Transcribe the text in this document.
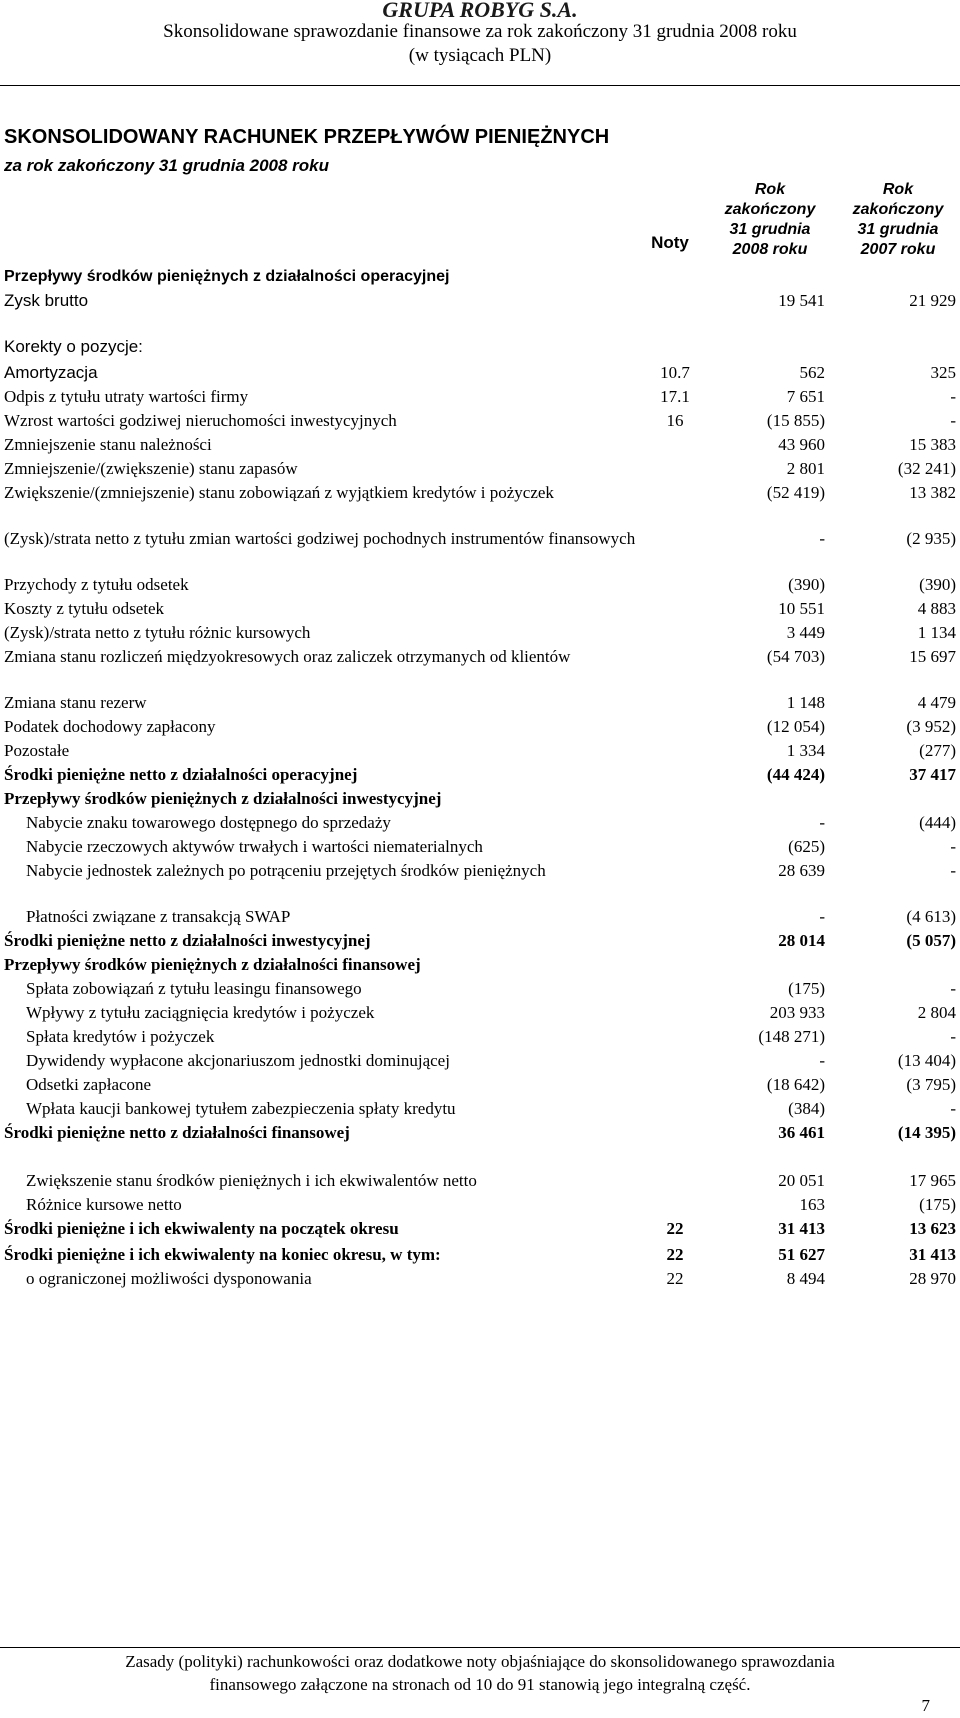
GRUPA ROBYG S.A.
Skonsolidowane sprawozdanie finansowe za rok zakończony 31 grudnia 2008 roku
(w tysiącach PLN)
SKONSOLIDOWANY RACHUNEK PRZEPŁYWÓW PIENIĘŻNYCH
za rok zakończony 31 grudnia 2008 roku
Noty
Rok
zakończony
31 grudnia
2008 roku
Rok
zakończony
31 grudnia
2007 roku
Przepływy środków pieniężnych z działalności operacyjnej
Zysk brutto	19 541	21 929
Korekty o pozycje:
Amortyzacja	10.7	562	325
Odpis z tytułu utraty wartości firmy	17.1	7 651	-
Wzrost wartości godziwej nieruchomości inwestycyjnych	16	(15 855)	-
Zmniejszenie stanu należności	43 960	15 383
Zmniejszenie/(zwiększenie) stanu zapasów	2 801	(32 241)
Zwiększenie/(zmniejszenie) stanu zobowiązań z wyjątkiem kredytów i pożyczek	(52 419)	13 382
(Zysk)/strata netto z tytułu zmian wartości godziwej pochodnych instrumentów finansowych	-	(2 935)
Przychody z tytułu odsetek	(390)	(390)
Koszty z tytułu odsetek	10 551	4 883
(Zysk)/strata netto z tytułu różnic kursowych	3 449	1 134
Zmiana stanu rozliczeń międzyokresowych oraz zaliczek otrzymanych od klientów	(54 703)	15 697
Zmiana stanu rezerw	1 148	4 479
Podatek dochodowy zapłacony	(12 054)	(3 952)
Pozostałe	1 334	(277)
Środki pieniężne netto z działalności operacyjnej	(44 424)	37 417
Przepływy środków pieniężnych z działalności inwestycyjnej
Nabycie znaku towarowego dostępnego do sprzedaży	-	(444)
Nabycie rzeczowych aktywów trwałych i wartości niematerialnych	(625)	-
Nabycie jednostek zależnych po potrąceniu przejętych środków pieniężnych	28 639	-
Płatności związane z transakcją SWAP	-	(4 613)
Środki pieniężne netto z działalności inwestycyjnej	28 014	(5 057)
Przepływy środków pieniężnych z działalności finansowej
Spłata zobowiązań z tytułu leasingu finansowego	(175)	-
Wpływy z tytułu zaciągnięcia kredytów i pożyczek	203 933	2 804
Spłata kredytów i pożyczek	(148 271)	-
Dywidendy wypłacone akcjonariuszom jednostki dominującej	-	(13 404)
Odsetki zapłacone	(18 642)	(3 795)
Wpłata kaucji bankowej tytułem zabezpieczenia spłaty kredytu	(384)	-
Środki pieniężne netto z działalności finansowej	36 461	(14 395)
Zwiększenie stanu środków pieniężnych i ich ekwiwalentów netto	20 051	17 965
Różnice kursowe netto	163	(175)
Środki pieniężne i ich ekwiwalenty na początek okresu	22	31 413	13 623
Środki pieniężne i ich ekwiwalenty na koniec okresu, w tym:	22	51 627	31 413
o ograniczonej możliwości dysponowania	22	8 494	28 970
Zasady (polityki) rachunkowości oraz dodatkowe noty objaśniające do skonsolidowanego sprawozdania
finansowego załączone na stronach od 10 do 91 stanowią jego integralną część.
7
